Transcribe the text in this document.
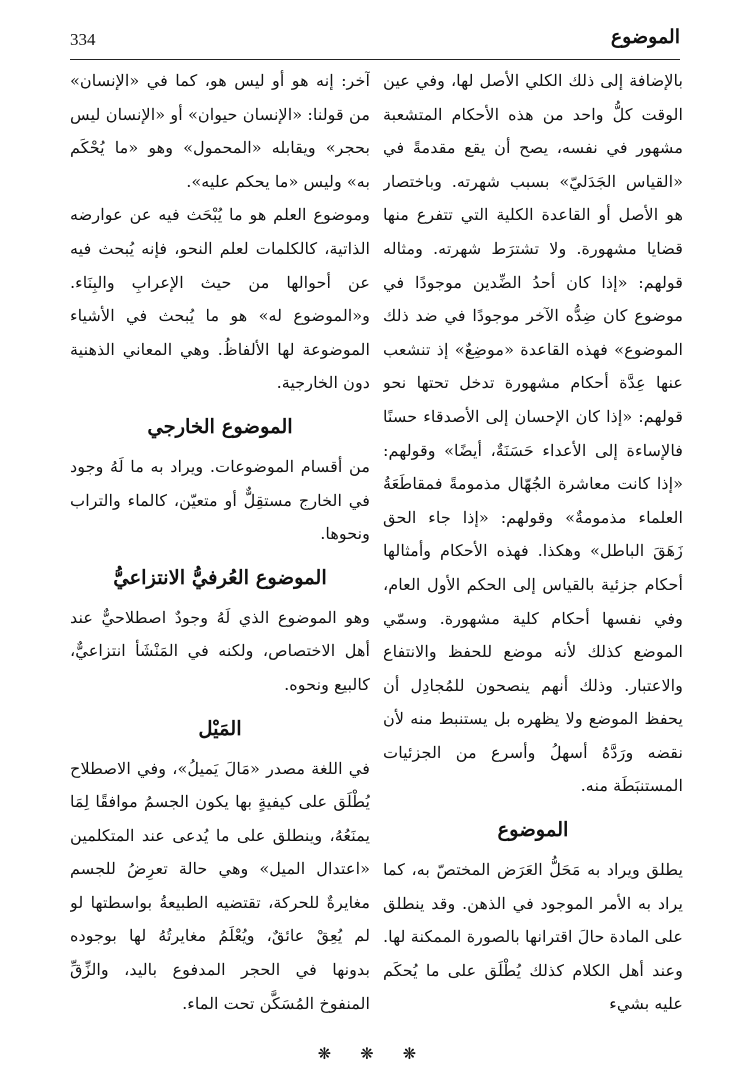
334	الموضوع

بالإضافة إلى ذلك الكلي الأصل لها، وفي عين الوقت كلُّ واحد من هذه الأحكام المتشعبة مشهور في نفسه، يصح أن يقع مقدمةً في «القياس الجَدَليّ» بسبب شهرته. وباختصار هو الأصل أو القاعدة الكلية التي تتفرع منها قضايا مشهورة. ولا تشترَط شهرته. ومثاله قولهم: «إذا كان أحدُ الضِّدين موجودًا في موضوع كان ضِدُّه الآخر موجودًا في ضد ذلك الموضوع» فهذه القاعدة «موضِعٌ» إذ تنشعب عنها عِدَّة أحكام مشهورة تدخل تحتها نحو قولهم: «إذا كان الإحسان إلى الأصدقاء حسنًا فالإساءة إلى الأعداء حَسَنَةٌ، أيضًا» وقولهم: «إذا كانت معاشرة الجُهّال مذمومةً فمقاطَعَةُ العلماء مذمومةٌ» وقولهم: «إذا جاء الحق زَهَقَ الباطل» وهكذا. فهذه الأحكام وأمثالها أحكام جزئية بالقياس إلى الحكم الأول العام، وفي نفسها أحكام كلية مشهورة. وسمّي الموضع كذلك لأنه موضع للحفظ والانتفاع والاعتبار. وذلك أنهم ينصحون للمُجادِل أن يحفظ الموضع ولا يظهره بل يستنبط منه لأن نقضه ورَدَّهُ أسهلُ وأسرع من الجزئيات المستنبَطَة منه.

الموضوع

يطلق ويراد به مَحَلُّ العَرَض المختصّ به، كما يراد به الأمر الموجود في الذهن. وقد ينطلق على المادة حالَ اقترانها بالصورة الممكنة لها. وعند أهل الكلام كذلك يُطْلَق على ما يُحكَم عليه بشيء

آخر: إنه هو أو ليس هو، كما في «الإنسان» من قولنا: «الإنسان حيوان» أو «الإنسان ليس بحجر» ويقابله «المحمول» وهو «ما يُحْكَم به» وليس «ما يحكم عليه».

وموضوع العلم هو ما يُبْحَث فيه عن عوارضه الذاتية، كالكلمات لعلم النحو، فإنه يُبحث فيه عن أحوالها من حيث الإعرابِ والبِنَاء. و«الموضوع له» هو ما يُبحث في الأشياء الموضوعة لها الألفاظُ. وهي المعاني الذهنية دون الخارجية.

الموضوع الخارجي

من أقسام الموضوعات. ويراد به ما لَهُ وجود في الخارج مستقِلٌّ أو متعيّن، كالماء والتراب ونحوها.

الموضوع العُرفيُّ الانتزاعيُّ

وهو الموضوع الذي لَهُ وجودٌ اصطلاحيٌّ عند أهل الاختصاص، ولكنه في المَنْشَأ انتزاعيٌّ، كالبيع ونحوه.

المَيْل

في اللغة مصدر «مَالَ يَميلُ»، وفي الاصطلاح يُطْلَق على كيفيةٍ بها يكون الجسمُ موافقًا لِمَا يمنَعُهُ، وينطلق على ما يُدعى عند المتكلمين «اعتدال الميل» وهي حالة تعرِضُ للجسم مغايرةٌ للحركة، تقتضيه الطبيعةُ بواسطتها لو لم يُعِقْ عائقٌ، ويُعْلَمُ مغايرتُهُ لها بوجوده بدونها في الحجر المدفوع باليد، والزِّقِّ المنفوخ المُسَكَّن تحت الماء.

❋ ❋ ❋
